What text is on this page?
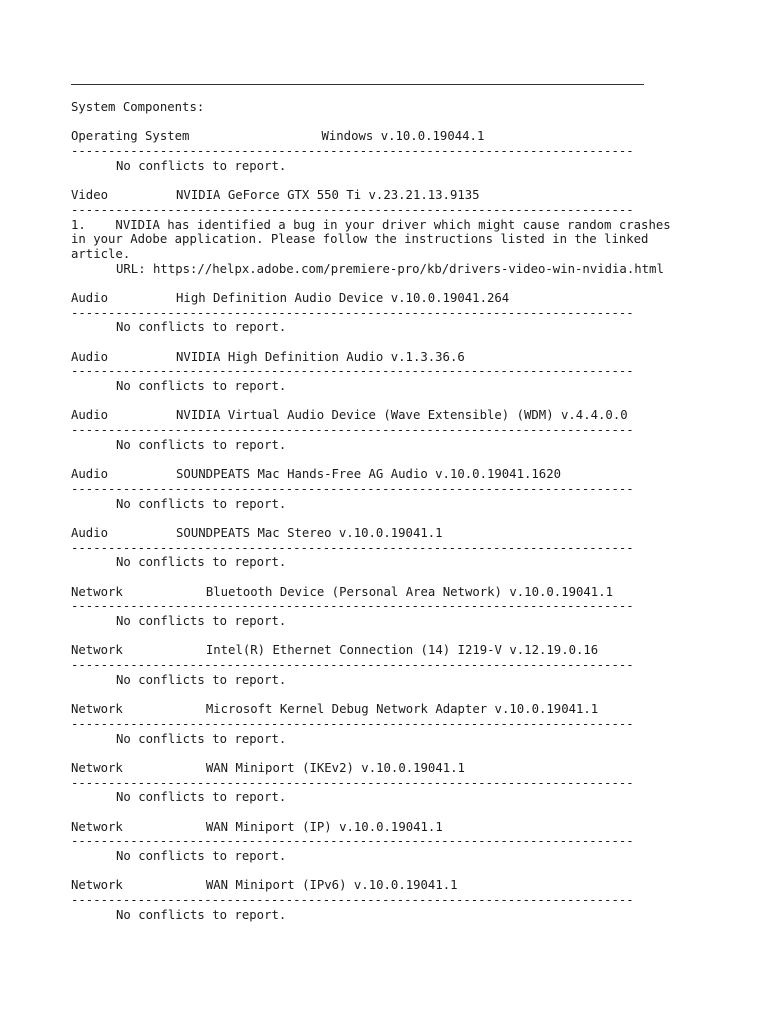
System Components:
Operating System	Windows v.10.0.19044.1
----------------------------------------------------------------------------
No conflicts to report.
Video	NVIDIA GeForce GTX 550 Ti v.23.21.13.9135
----------------------------------------------------------------------------
1.	NVIDIA has identified a bug in your driver which might cause random crashes in your Adobe application. Please follow the instructions listed in the linked article.
URL: https://helpx.adobe.com/premiere-pro/kb/drivers-video-win-nvidia.html
Audio	High Definition Audio Device v.10.0.19041.264
----------------------------------------------------------------------------
No conflicts to report.
Audio	NVIDIA High Definition Audio v.1.3.36.6
----------------------------------------------------------------------------
No conflicts to report.
Audio	NVIDIA Virtual Audio Device (Wave Extensible) (WDM) v.4.4.0.0
----------------------------------------------------------------------------
No conflicts to report.
Audio	SOUNDPEATS Mac Hands-Free AG Audio v.10.0.19041.1620
----------------------------------------------------------------------------
No conflicts to report.
Audio	SOUNDPEATS Mac Stereo v.10.0.19041.1
----------------------------------------------------------------------------
No conflicts to report.
Network	Bluetooth Device (Personal Area Network) v.10.0.19041.1
----------------------------------------------------------------------------
No conflicts to report.
Network	Intel(R) Ethernet Connection (14) I219-V v.12.19.0.16
----------------------------------------------------------------------------
No conflicts to report.
Network	Microsoft Kernel Debug Network Adapter v.10.0.19041.1
----------------------------------------------------------------------------
No conflicts to report.
Network	WAN Miniport (IKEv2) v.10.0.19041.1
----------------------------------------------------------------------------
No conflicts to report.
Network	WAN Miniport (IP) v.10.0.19041.1
----------------------------------------------------------------------------
No conflicts to report.
Network	WAN Miniport (IPv6) v.10.0.19041.1
----------------------------------------------------------------------------
No conflicts to report.
